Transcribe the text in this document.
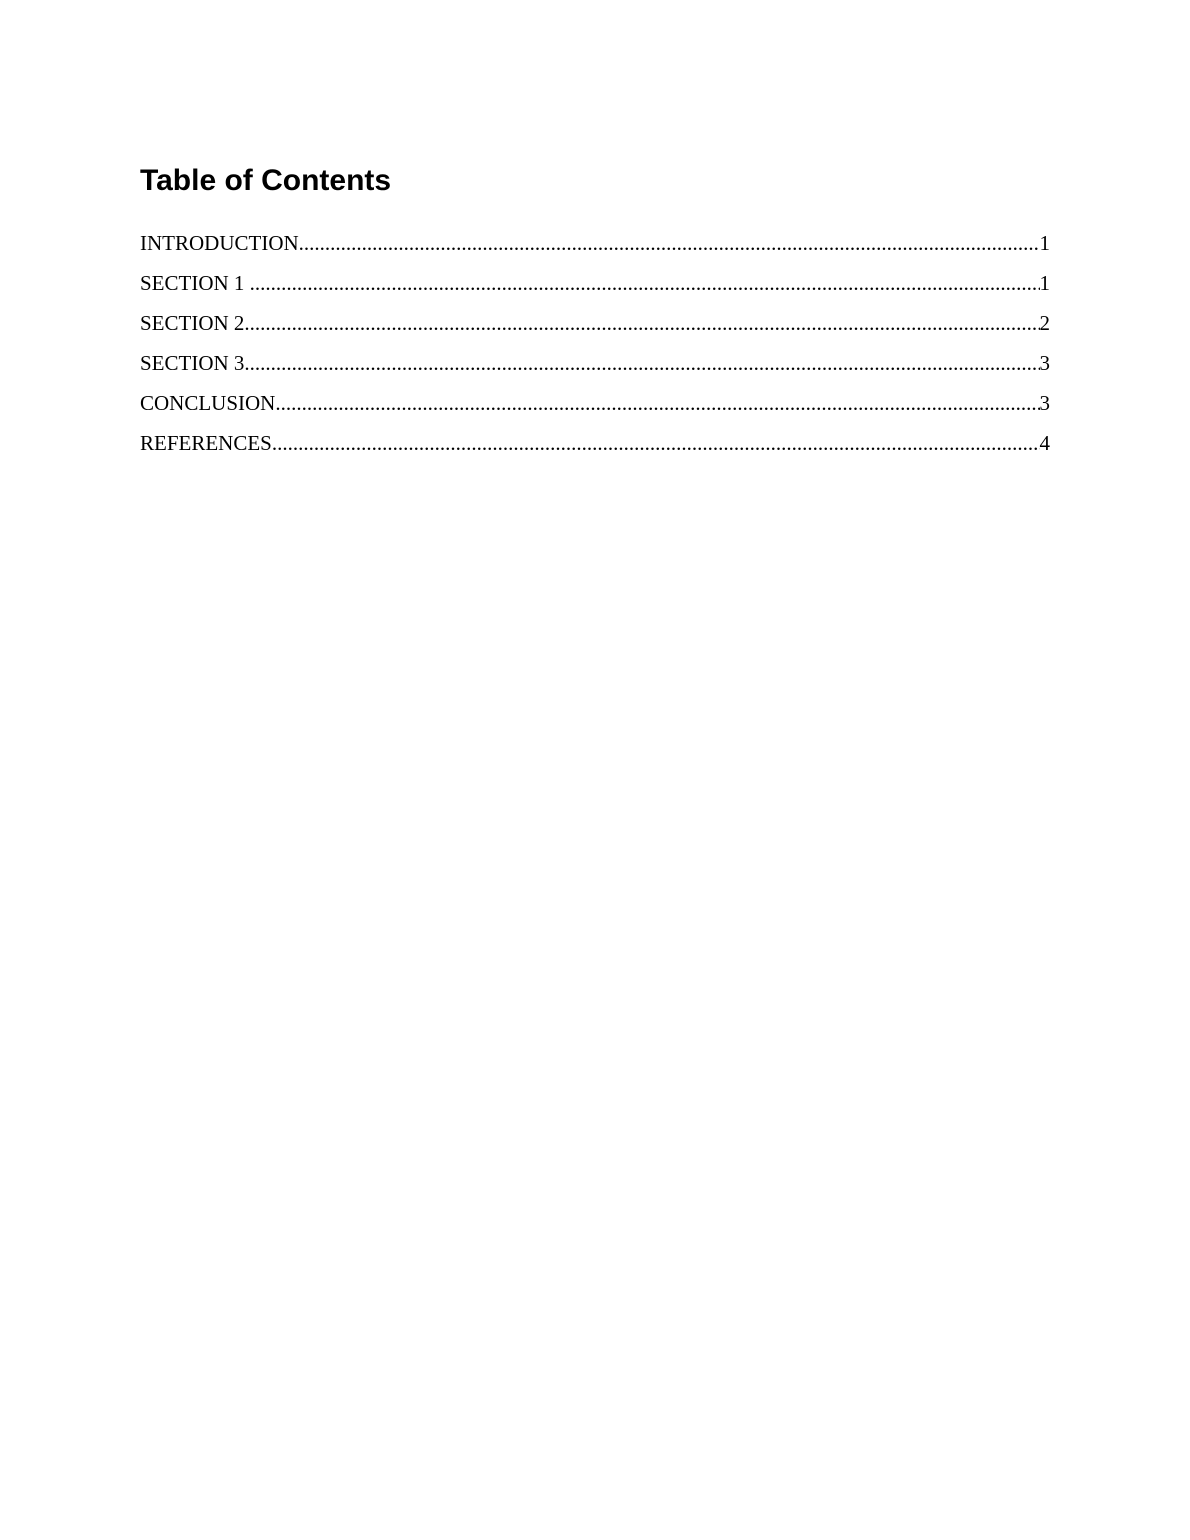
Table of Contents
INTRODUCTION .....	1
SECTION 1 .....	1
SECTION 2 .....	2
SECTION 3 .....	3
CONCLUSION .....	3
REFERENCES .....	4
